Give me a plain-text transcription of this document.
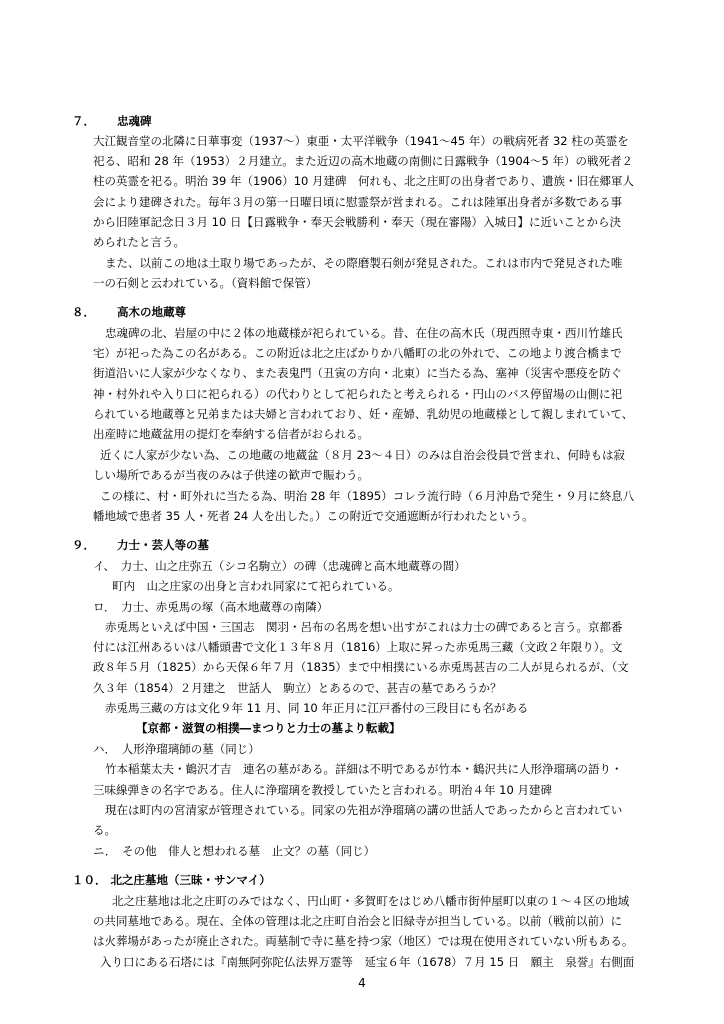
７． 忠魂碑
大江観音堂の北隣に日華事変（1937～）東亜・太平洋戦争（1941～45 年）の戦病死者 32 柱の英霊を
祀る、昭和 28 年（1953）２月建立。また近辺の高木地蔵の南側に日露戦争（1904～5 年）の戦死者２
柱の英霊を祀る。明治 39 年（1906）10 月建碑　何れも、北之庄町の出身者であり、遺族・旧在郷軍人
会により建碑された。毎年３月の第一日曜日頃に慰霊祭が営まれる。これは陸軍出身者が多数である事
から旧陸軍記念日３月 10 日【日露戦争・奉天会戦勝利・奉天（現在審陽）入城日】に近いことから決
められたと言う。
また、以前この地は土取り場であったが、その際磨製石剣が発見された。これは市内で発見された唯
一の石剣と云われている。（資料館で保管）
８． 高木の地蔵尊
忠魂碑の北、岩屋の中に２体の地蔵様が祀られている。昔、在住の高木氏（現西照寺東・西川竹雄氏
宅）が祀った為この名がある。この附近は北之庄ばかりか八幡町の北の外れで、この地より渡合橋まで
街道沿いに人家が少なくなり、また表鬼門（丑寅の方向・北東）に当たる為、塞神（災害や悪疫を防ぐ
神・村外れや入り口に祀られる）の代わりとして祀られたと考えられる・円山のバス停留場の山側に祀
られている地蔵尊と兄弟または夫婦と言われており、妊・産婦、乳幼児の地蔵様として親しまれていて、
出産時に地蔵盆用の提灯を奉納する信者がおられる。
近くに人家が少ない為、この地蔵の地蔵盆（８月 23～４日）のみは自治会役員で営まれ、何時もは寂
しい場所であるが当夜のみは子供達の歓声で賑わう。
この様に、村・町外れに当たる為、明治 28 年（1895）コレラ流行時（６月沖島で発生・９月に終息八
幡地域で患者 35 人・死者 24 人を出した。）この附近で交通遮断が行われたという。
９． 力士・芸人等の墓
イ、　力士、山之庄弥五（シコ名駒立）の碑（忠魂碑と高木地蔵尊の間）
町内　山之庄家の出身と言われ同家にて祀られている。
ロ．　力士、赤兎馬の塚（高木地蔵尊の南隣）
赤兎馬といえば中国・三国志　関羽・呂布の名馬を想い出すがこれは力士の碑であると言う。京都番
付には江州あるいは八幡頭書で文化１３年８月（1816）上取に昇った赤兎馬三藏（文政２年限り）。文
政８年５月（1825）から天保６年７月（1835）まで中相撲にいる赤兎馬甚吉の二人が見られるが、（文
久３年（1854）２月建之　世話人　駒立）とあるので、甚吉の墓であろうか？
赤兎馬三藏の方は文化９年 11 月、同 10 年正月に江戸番付の三段目にも名がある
【京都・滋賀の相撲―まつりと力士の墓より転載】
ハ．　人形浄瑠璃師の墓（同じ）
竹本稲葉太夫・鶴沢才吉　連名の墓がある。詳細は不明であるが竹本・鶴沢共に人形浄瑠璃の語り・
三味線弾きの名字である。住人に浄瑠璃を教授していたと言われる。明治４年 10 月建碑
現在は町内の宮清家が管理されている。同家の先祖が浄瑠璃の講の世話人であったからと言われてい
る。
ニ．　その他　俳人と想われる墓　止文？の墓（同じ）
１０． 北之庄墓地（三昧・サンマイ）
北之庄墓地は北之庄町のみではなく、円山町・多賀町をはじめ八幡市街仲屋町以東の１～４区の地域
の共同墓地である。現在、全体の管理は北之庄町自治会と旧緑寺が担当している。以前（戦前以前）に
は火葬場があったが廃止された。両墓制で寺に墓を持つ家（地区）では現在使用されていない所もある。
入り口にある石塔には『南無阿弥陀仏法界万霊等　延宝６年（1678）７月 15 日　願主　泉誉』右側面
4
